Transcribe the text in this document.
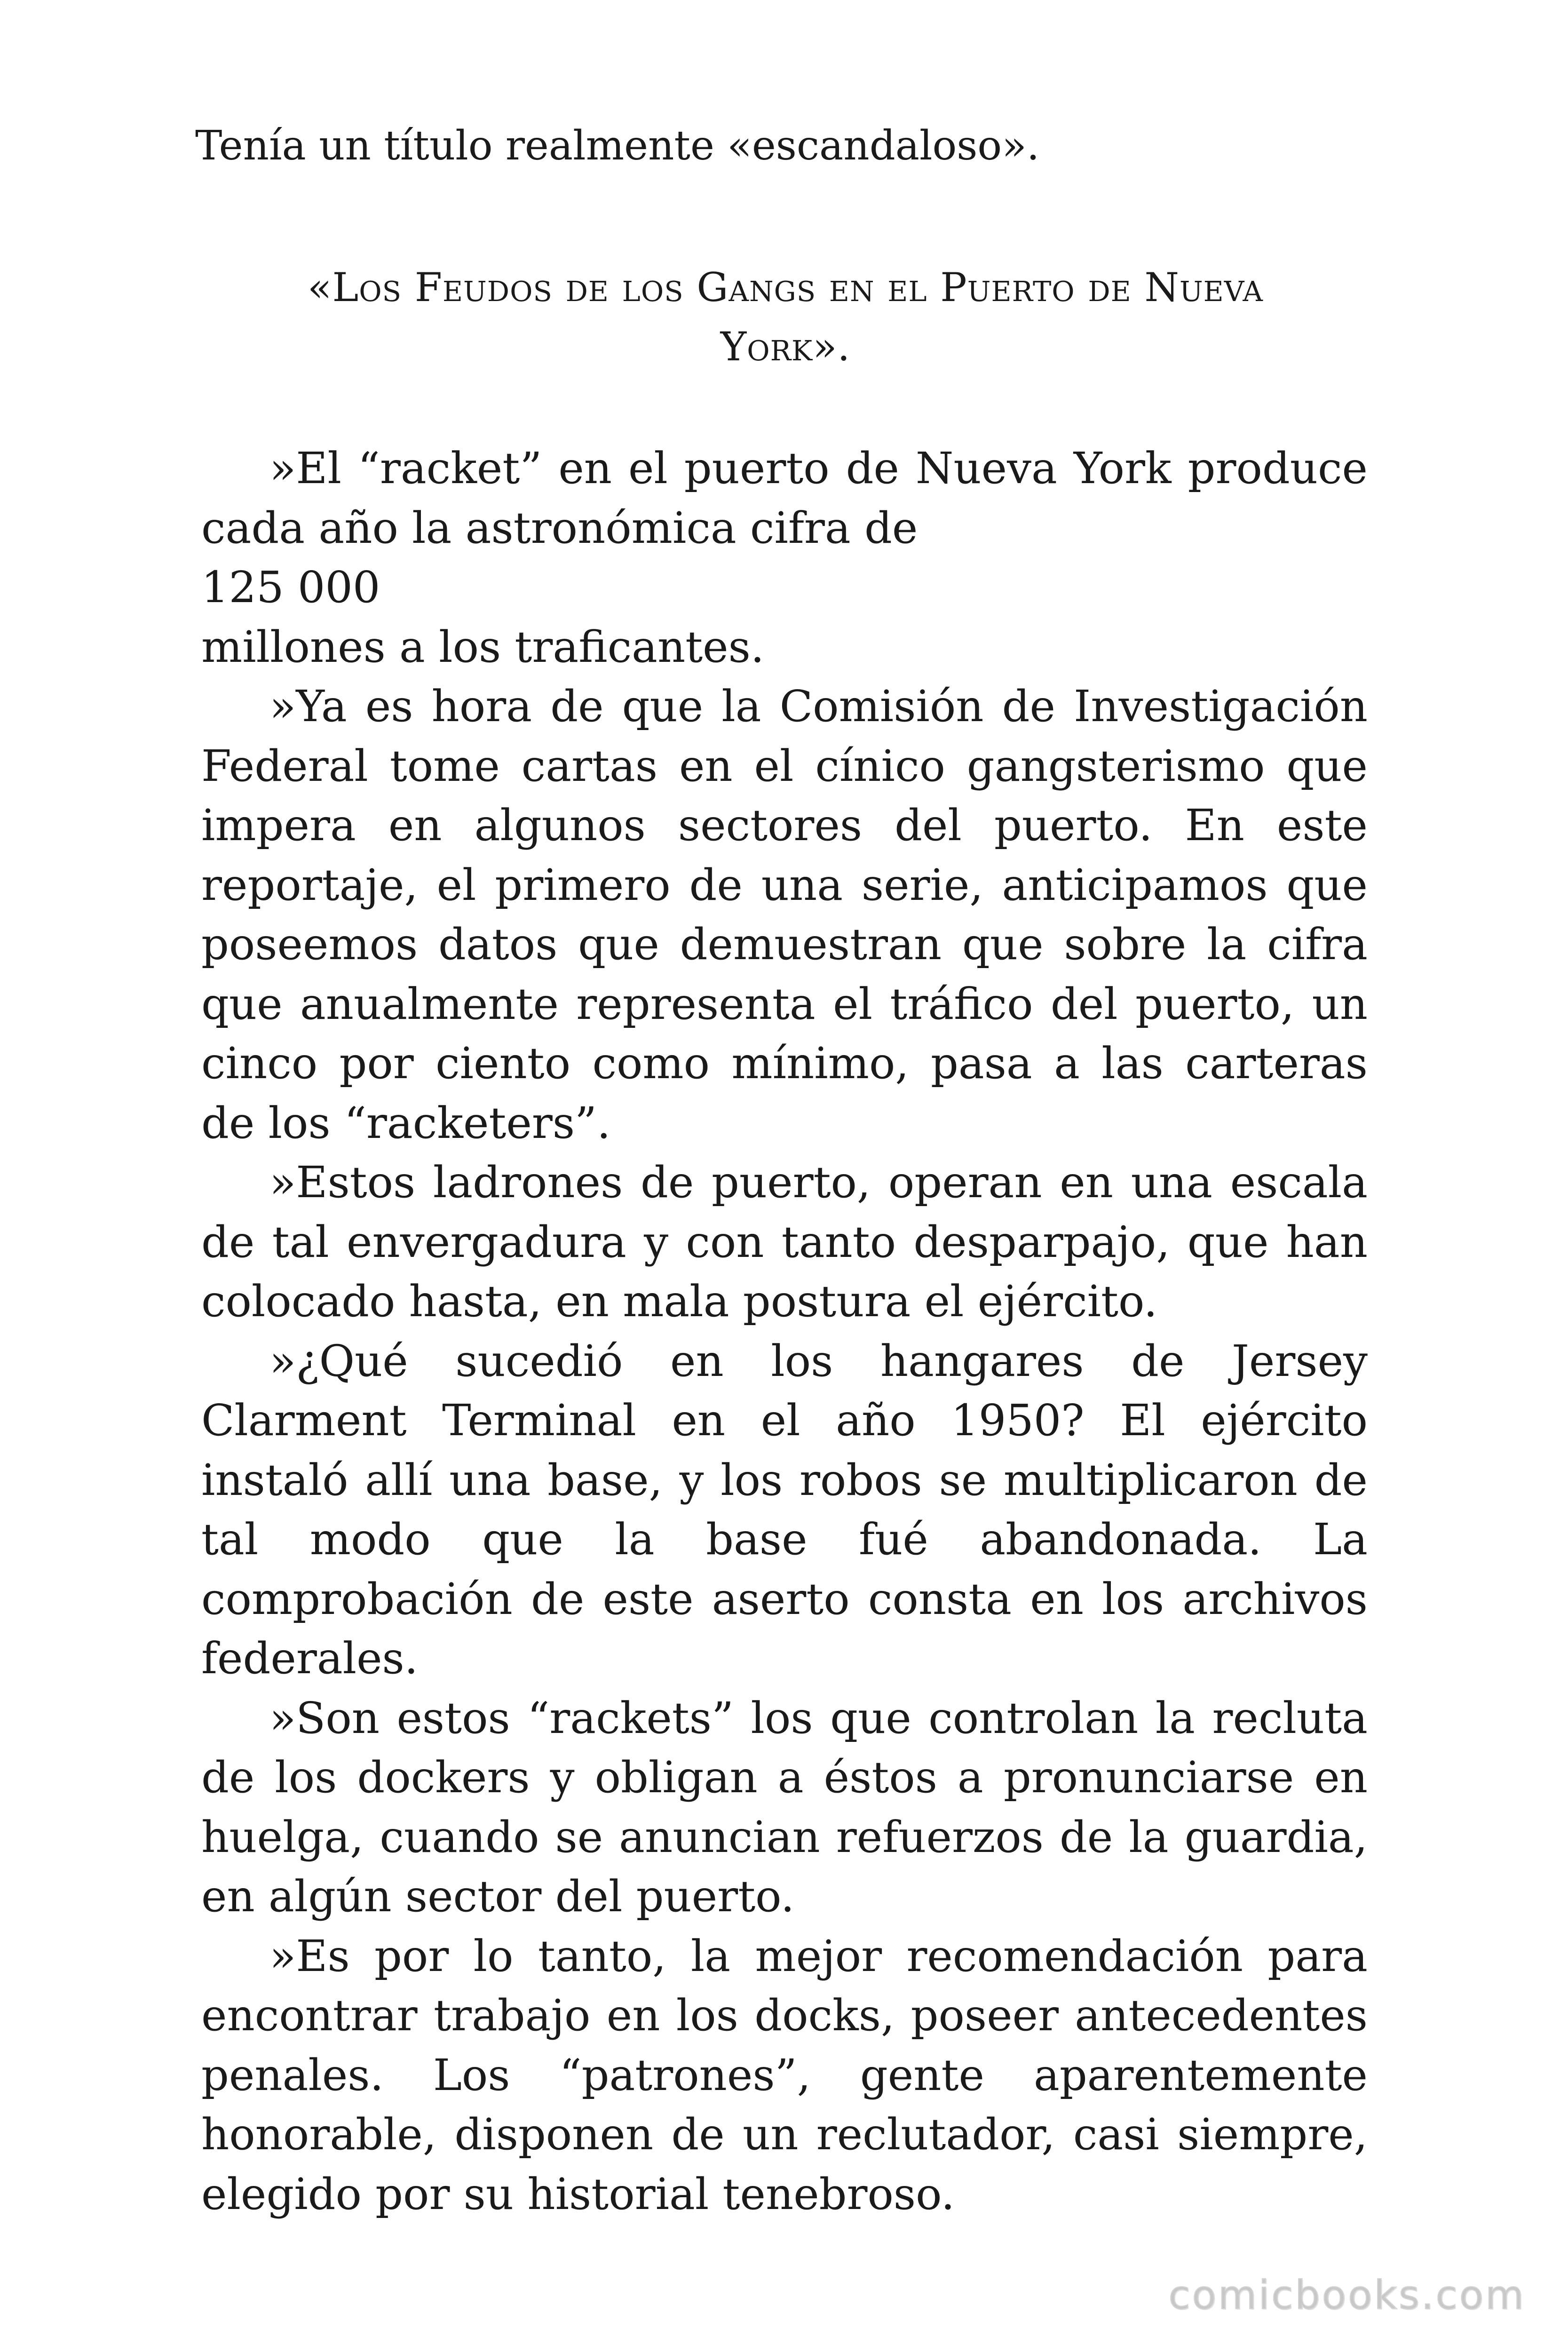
Tenía un título realmente «escandaloso».

«Los Feudos de los Gangs en el Puerto de Nueva York».

»El “racket” en el puerto de Nueva York produce cada año la astronómica cifra de

125 000

millones a los traficantes.

»Ya es hora de que la Comisión de Investigación Federal tome cartas en el cínico gangsterismo que impera en algunos sectores del puerto. En este reportaje, el primero de una serie, anticipamos que poseemos datos que demuestran que sobre la cifra que anualmente representa el tráfico del puerto, un cinco por ciento como mínimo, pasa a las carteras de los “racketers”.

»Estos ladrones de puerto, operan en una escala de tal envergadura y con tanto desparpajo, que han colocado hasta, en mala postura el ejército.

»¿Qué sucedió en los hangares de Jersey Clarment Terminal en el año 1950? El ejército instaló allí una base, y los robos se multiplicaron de tal modo que la base fué abandonada. La comprobación de este aserto consta en los archivos federales.

»Son estos “rackets” los que controlan la recluta de los dockers y obligan a éstos a pronunciarse en huelga, cuando se anuncian refuerzos de la guardia, en algún sector del puerto.

»Es por lo tanto, la mejor recomendación para encontrar trabajo en los docks, poseer antecedentes penales. Los “patrones”, gente aparentemente honorable, disponen de un reclutador, casi siempre, elegido por su historial tenebroso.

comicbooks.com
